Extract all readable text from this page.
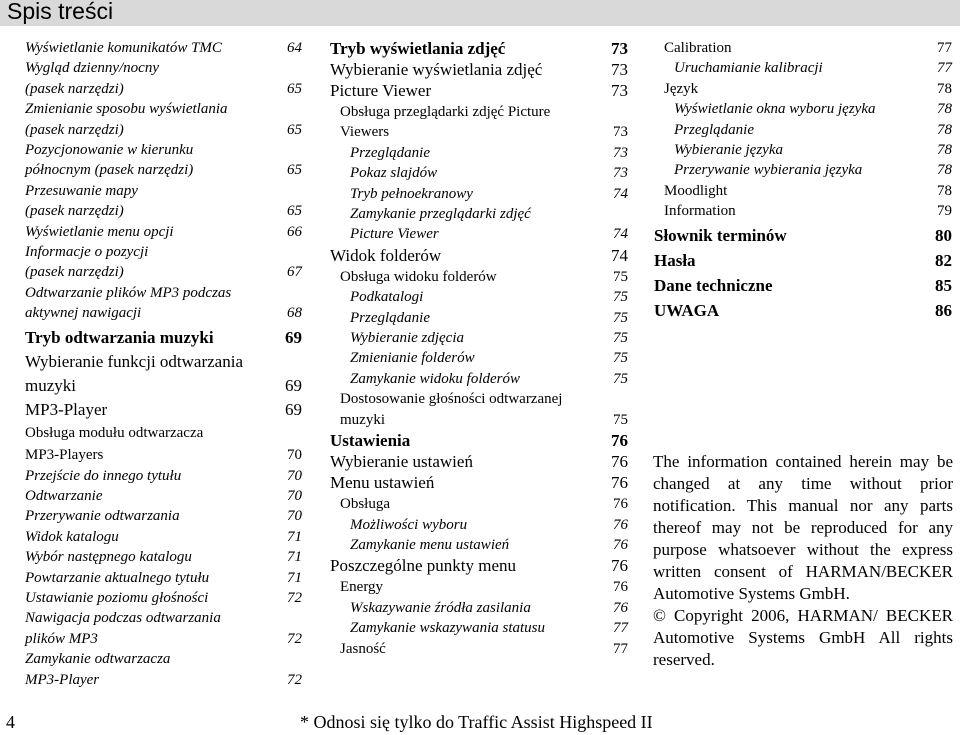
Spis treści
Wyświetlanie komunikatów TMC	64
Wygląd dzienny/nocny
(pasek narzędzi)	65
Zmienianie sposobu wyświetlania
(pasek narzędzi)	65
Pozycjonowanie w kierunku
północnym (pasek narzędzi)	65
Przesuwanie mapy
(pasek narzędzi)	65
Wyświetlanie menu opcji	66
Informacje o pozycji
(pasek narzędzi)	67
Odtwarzanie plików MP3 podczas
aktywnej nawigacji	68
Tryb odtwarzania muzyki	69
Wybieranie funkcji odtwarzania
muzyki	69
MP3-Player	69
Obsługa modułu odtwarzacza
MP3-Players	70
Przejście do innego tytułu	70
Odtwarzanie	70
Przerywanie odtwarzania	70
Widok katalogu	71
Wybór następnego katalogu	71
Powtarzanie aktualnego tytułu	71
Ustawianie poziomu głośności	72
Nawigacja podczas odtwarzania
plików MP3	72
Zamykanie odtwarzacza
MP3-Player	72
Tryb wyświetlania zdjęć	73
Wybieranie wyświetlania zdjęć	73
Picture Viewer	73
Obsługa przeglądarki zdjęć Picture
Viewers	73
Przeglądanie	73
Pokaz slajdów	73
Tryb pełnoekranowy	74
Zamykanie przeglądarki zdjęć
Picture Viewer	74
Widok folderów	74
Obsługa widoku folderów	75
Podkatalogi	75
Przeglądanie	75
Wybieranie zdjęcia	75
Zmienianie folderów	75
Zamykanie widoku folderów	75
Dostosowanie głośności odtwarzanej
muzyki	75
Ustawienia	76
Wybieranie ustawień	76
Menu ustawień	76
Obsługa	76
Możliwości wyboru	76
Zamykanie menu ustawień	76
Poszczególne punkty menu	76
Energy	76
Wskazywanie źródła zasilania	76
Zamykanie wskazywania statusu	77
Jasność	77
Calibration	77
Uruchamianie kalibracji	77
Język	78
Wyświetlanie okna wyboru języka	78
Przeglądanie	78
Wybieranie języka	78
Przerywanie wybierania języka	78
Moodlight	78
Information	79
Słownik terminów	80
Hasła	82
Dane techniczne	85
UWAGA	86

The information contained herein may be changed at any time without prior notification. This manual nor any parts thereof may not be reproduced for any purpose whatsoever without the express written consent of HARMAN/BECKER Automotive Systems GmbH.

© Copyright 2006, HARMAN/ BECKER Automotive Systems GmbH All rights reserved.

4	* Odnosi się tylko do Traffic Assist Highspeed II
